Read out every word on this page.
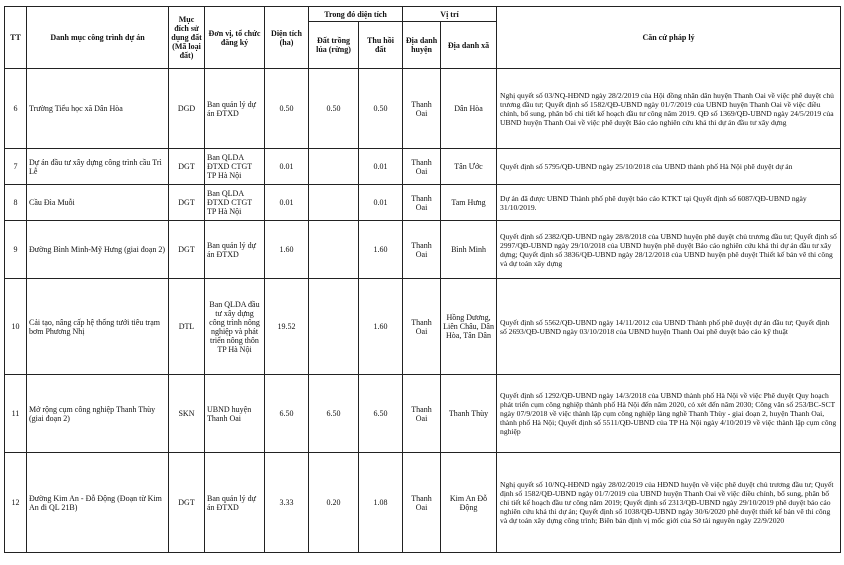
TT	Danh mục công trình dự án	Mục đích sử dụng đất (Mã loại đất)	Đơn vị, tổ chức đăng ký	Diện tích (ha)	Trong đó diện tích		Vị trí		Căn cứ pháp lý
					Đất trồng lúa (rừng)	Thu hồi đất	Địa danh huyện	Địa danh xã	
6	Trường Tiểu học xã Dân Hòa	DGD	Ban quản lý dự án ĐTXD	0.50	0.50	0.50	Thanh Oai	Dân Hòa	Nghị quyết số 03/NQ-HĐND ngày 28/2/2019 của Hội đồng nhân dân huyện Thanh Oai về việc phê duyệt chủ trương đầu tư; Quyết định số 1582/QĐ-UBND ngày 01/7/2019 của UBND huyện Thanh Oai về việc điều chỉnh, bổ sung, phân bổ chi tiết kế hoạch đầu tư công năm 2019. QĐ số 1369/QĐ-UBND ngày 24/5/2019 của UBND huyện Thanh Oai về việc phê duyệt Báo cáo nghiên cứu khả thi dự án đầu tư xây dựng
7	Dự án đầu tư xây dựng công trình cầu Trì Lễ	DGT	Ban QLDA ĐTXD CTGT TP Hà Nội	0.01		0.01	Thanh Oai	Tân Ước	Quyết định số 5795/QĐ-UBND ngày 25/10/2018 của UBND thành phố Hà Nội phê duyệt dự án
8	Cầu Đìa Muỗi	DGT	Ban QLDA ĐTXD CTGT TP Hà Nội	0.01		0.01	Thanh Oai	Tam Hưng	Dự án đã được UBND Thành phố phê duyệt báo cáo KTKT tại Quyết định số 6087/QĐ-UBND ngày 31/10/2019.
9	Đường Bình Minh-Mỹ Hưng (giai đoạn 2)	DGT	Ban quản lý dự án ĐTXD	1.60		1.60	Thanh Oai	Bình Minh	Quyết định số 2382/QĐ-UBND ngày 28/8/2018 của UBND huyện phê duyệt chủ trương đầu tư; Quyết định số 2997/QĐ-UBND ngày 29/10/2018 của UBND huyện phê duyệt Báo cáo nghiên cứu khả thi dự án đầu tư xây dựng; Quyết định số 3836/QĐ-UBND ngày 28/12/2018 của UBND huyện phê duyệt Thiết kế bản vẽ thi công và dự toán xây dựng
10	Cải tạo, nâng cấp hệ thống tưới tiêu trạm bơm Phương Nhị	DTL	Ban QLDA đầu tư xây dựng công trình nông nghiệp và phát triển nông thôn TP Hà Nội	19.52		1.60	Thanh Oai	Hồng Dương, Liên Châu, Dân Hòa, Tân Dân	Quyết định số 5562/QĐ-UBND ngày 14/11/2012 của UBND Thành phố phê duyệt dự án đầu tư; Quyết định số 2693/QĐ-UBND ngày 03/10/2018 của UBND huyện Thanh Oai phê duyệt báo cáo kỹ thuật
11	Mở rộng cụm công nghiệp Thanh Thùy (giai đoạn 2)	SKN	UBND huyện Thanh Oai	6.50	6.50	6.50	Thanh Oai	Thanh Thùy	Quyết định số 1292/QĐ-UBND ngày 14/3/2018 của UBND thành phố Hà Nội về việc Phê duyệt Quy hoạch phát triển cụm công nghiệp thành phố Hà Nội đến năm 2020, có xét đến năm 2030; Công văn số 253/BC-SCT ngày 07/9/2018 về việc thành lập cụm công nghiệp làng nghề Thanh Thùy - giai đoạn 2, huyện Thanh Oai, thành phố Hà Nội; Quyết định số 5511/QĐ-UBND của TP Hà Nội ngày 4/10/2019 về việc thành lập cụm công nghiệp
12	Đường Kim An - Đỗ Động (Đoạn từ Kim An đi QL 21B)	DGT	Ban quản lý dự án ĐTXD	3.33	0.20	1.08	Thanh Oai	Kim An Đỗ Động	Nghị quyết số 10/NQ-HĐND ngày 28/02/2019 của HĐND huyện về việc phê duyệt chủ trương đầu tư; Quyết định số 1582/QĐ-UBND ngày 01/7/2019 của UBND huyện Thanh Oai về việc điều chỉnh, bổ sung, phân bổ chi tiết kế hoạch đầu tư công năm 2019; Quyết định số 2313/QĐ-UBND ngày 29/10/2019 phê duyệt báo cáo nghiên cứu khả thi dự án; Quyết định số 1038/QĐ-UBND ngày 30/6/2020 phê duyệt thiết kế bản vẽ thi công và dự toán xây dựng công trình; Biên bản định vị mốc giới của Sở tài nguyên ngày 22/9/2020
